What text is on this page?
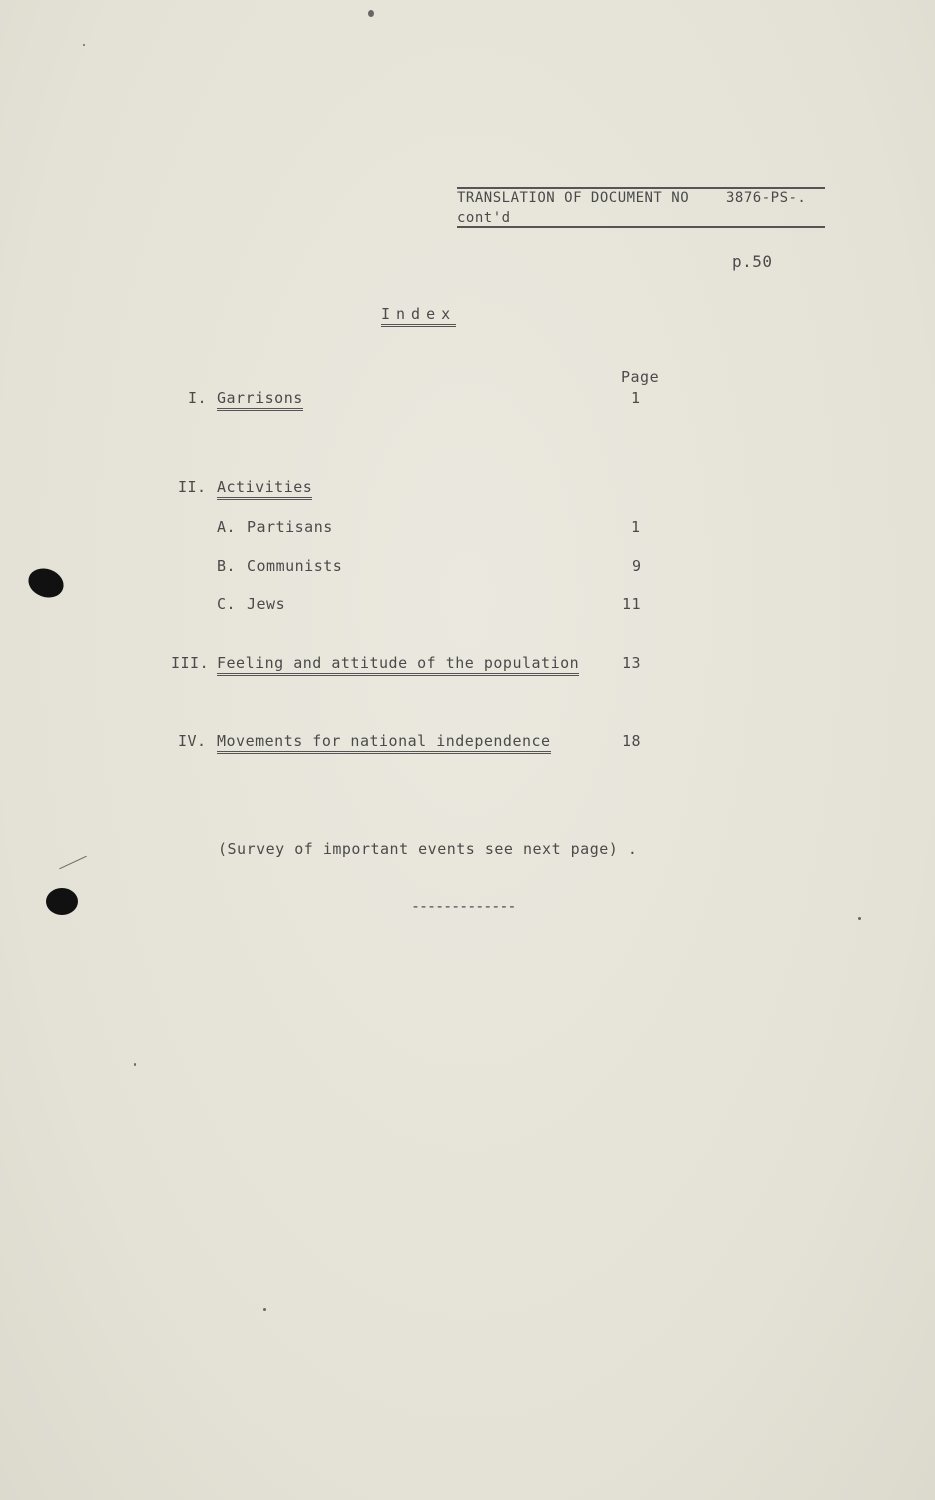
TRANSLATION OF DOCUMENT NO	3876-PS-.
cont'd
p.50
Index
Page
I. Garrisons	1
II. Activities
A. Partisans	1
B. Communists	9
C. Jews	11
III. Feeling and attitude of the population	13
IV. Movements for national independence	18
(Survey of important events see next page) .
-------------
